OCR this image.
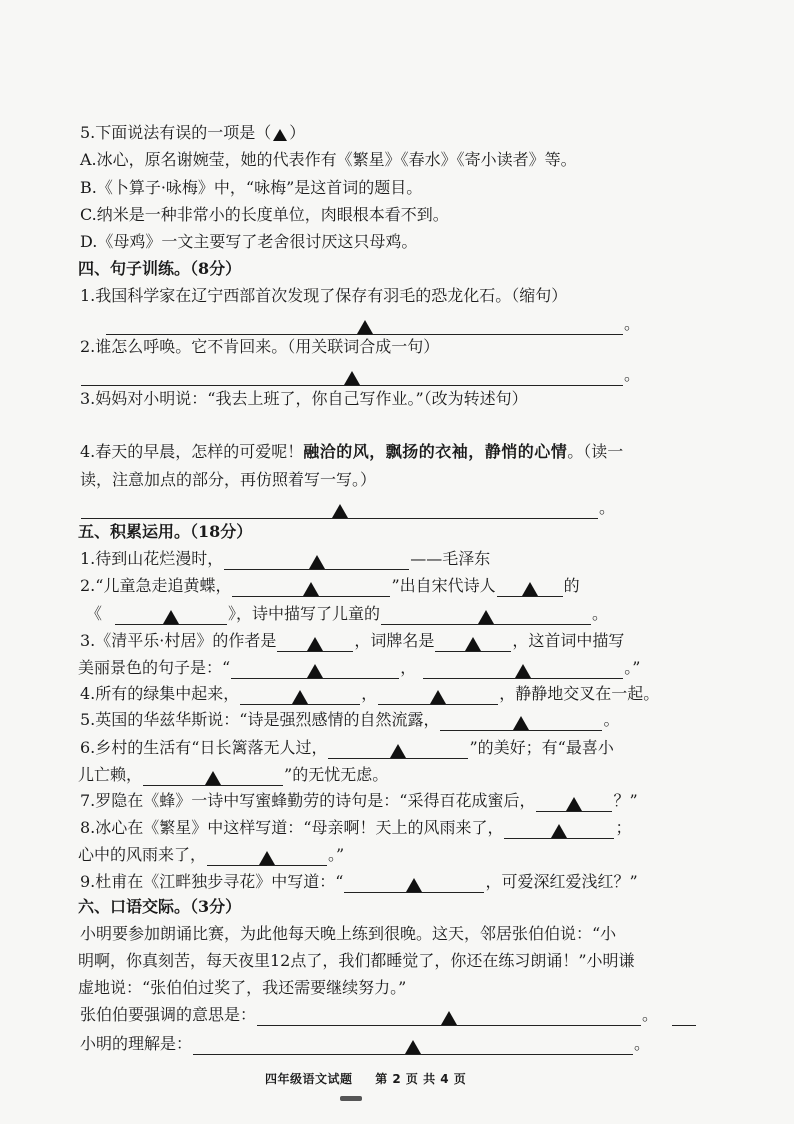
5.下面说法有误的一项是（ ）
A.冰心，原名谢婉莹，她的代表作有《繁星》《春水》《寄小读者》等。
B.《卜算子·咏梅》中，“咏梅”是这首词的题目。
C.纳米是一种非常小的长度单位，肉眼根本看不到。
D.《母鸡》一文主要写了老舍很讨厌这只母鸡。
四、句子训练。（8分）
1.我国科学家在辽宁西部首次发现了保存有羽毛的恐龙化石。（缩句）
。
2.谁怎么呼唤。它不肯回来。（用关联词合成一句）
。
3.妈妈对小明说：“我去上班了，你自己写作业。”（改为转述句）
4.春天的早晨，怎样的可爱呢！ 融洽的风，飘扬的衣袖，静悄的心情 。（读一
读，注意加点的部分，再仿照着写一写。）
。
五、积累运用。（18分）
1.待到山花烂漫时，	——毛泽东
2.“儿童急走追黄蝶，	”出自宋代诗人	的
《	》，诗中描写了儿童的	。
3.《清平乐·村居》的作者是	，词牌名是	，这首词中描写
美丽景色的句子是：“	，	。”
4.所有的绿集中起来，	，	，静静地交叉在一起。
5.英国的华兹华斯说：“诗是强烈感情的自然流露，	。
6.乡村的生活有“日长篱落无人过，	”的美好；有“最喜小
儿亡赖，	”的无忧无虑。
7.罗隐在《蜂》一诗中写蜜蜂勤劳的诗句是：“采得百花成蜜后，	？”
8.冰心在《繁星》中这样写道：“母亲啊！天上的风雨来了，	；
心中的风雨来了，	。”
9.杜甫在《江畔独步寻花》中写道：“	，可爱深红爱浅红？”
六、口语交际。（3分）
小明要参加朗诵比赛，为此他每天晚上练到很晚。这天，邻居张伯伯说：“小
明啊，你真刻苦，每天夜里12点了，我们都睡觉了，你还在练习朗诵！”小明谦
虚地说：“张伯伯过奖了，我还需要继续努力。”
张伯伯要强调的意思是：	。
小明的理解是：	。
四年级语文试题 第 2 页 共 4 页
